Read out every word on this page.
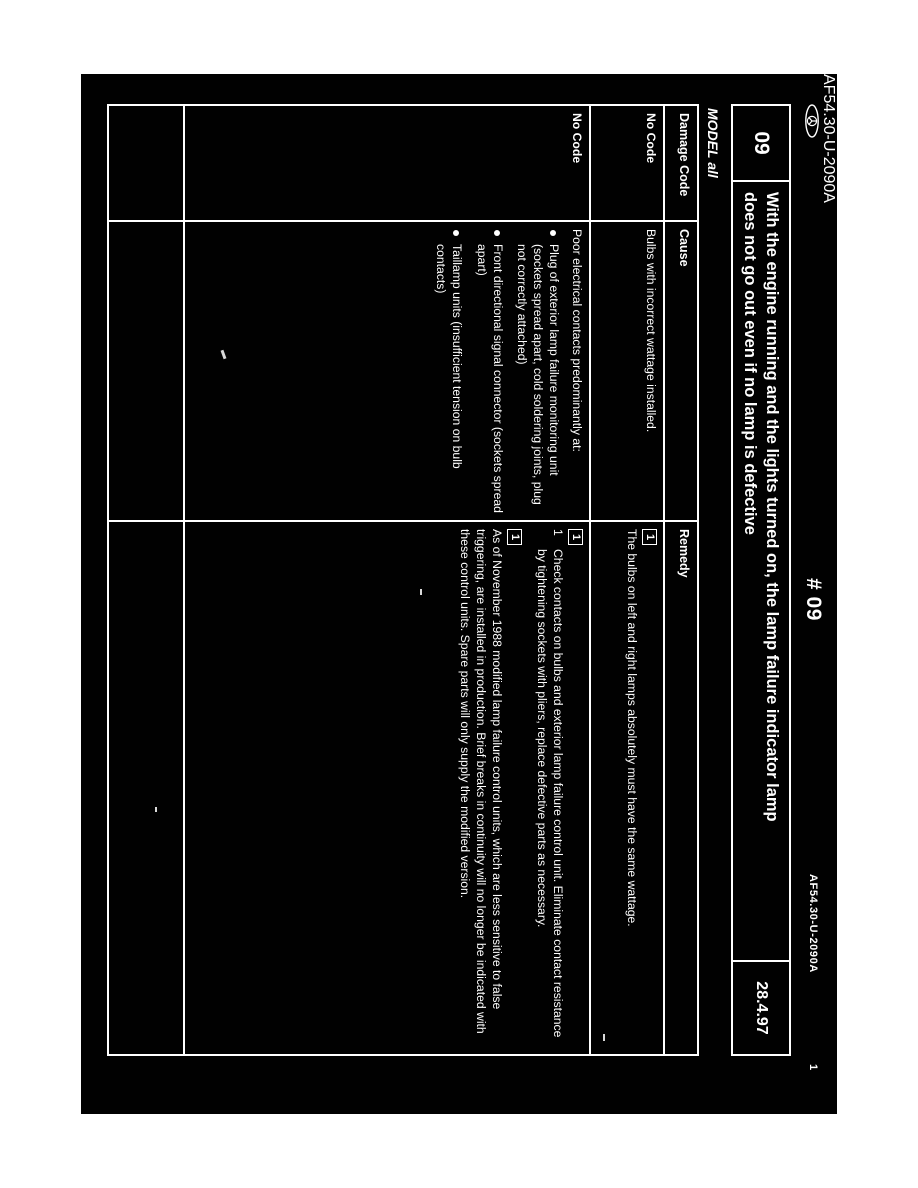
# 09
AF54.30-U-2090A
1
09
With the engine running and the lights turned on, the lamp failure indicator lamp
does not go out even if no lamp is defective
28.4.97
AF54.30-U-2090A
MODEL all
Damage Code
Cause
Remedy
No Code
Bulbs with incorrect wattage installed.
1
The bulbs on left and right lamps absolutely must have the same wattage.
No Code
Poor electrical contacts predominantly at:
Plug of exterior lamp failure monitoring unit (sockets spread apart, cold soldering joints, plug not correctly attached)
Front directional signal connector (sockets spread apart)
Taillamp units (insufficient tension on bulb contacts)
1
1
Check contacts on bulbs and exterior lamp failure control unit. Eliminate contact resistance by tightening sockets with pliers, replace defective parts as necessary.
1
As of November 1988 modified lamp failure control units, which are less sensitive to false triggering, are installed in production. Brief breaks in continuity will no longer be indicated with these control units. Spare parts will only supply the modified version.
